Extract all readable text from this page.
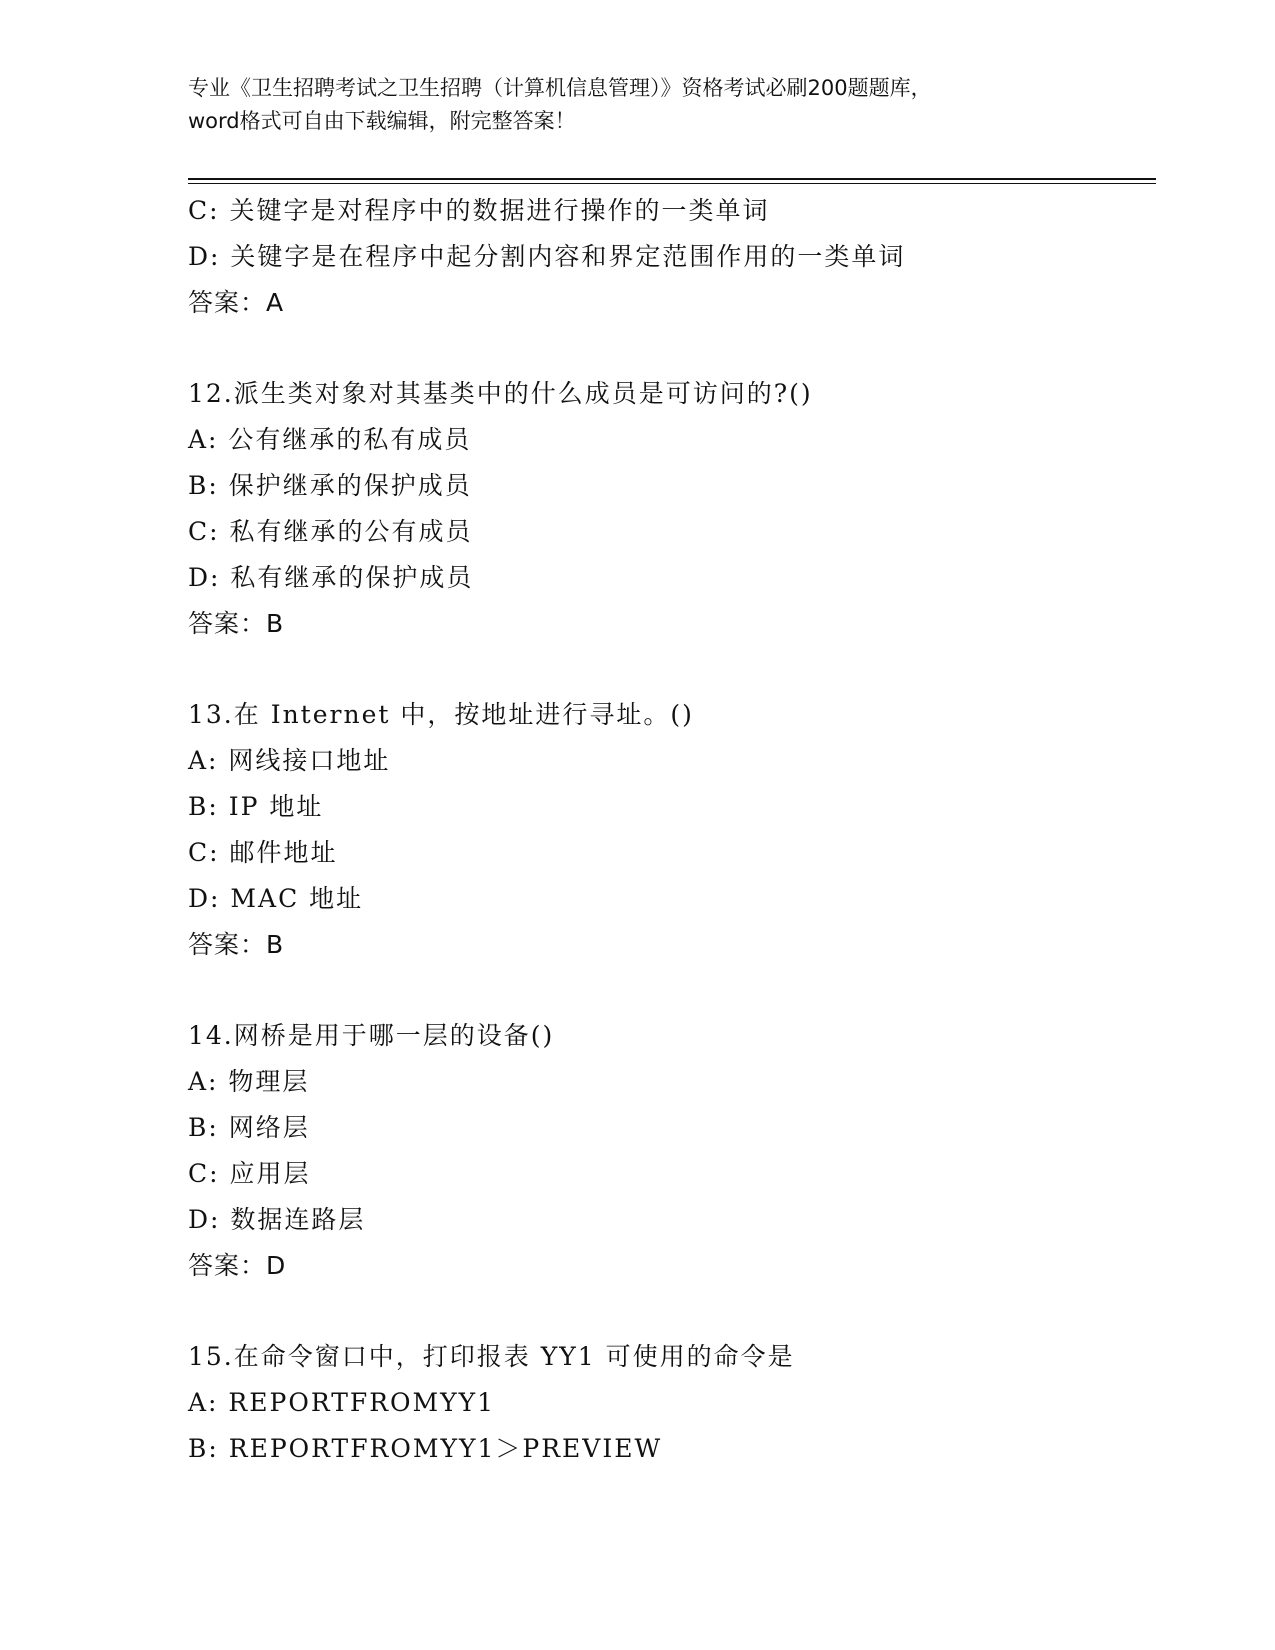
专业《卫生招聘考试之卫生招聘（计算机信息管理）》资格考试必刷200题题库，
word格式可自由下载编辑，附完整答案！
C: 关键字是对程序中的数据进行操作的一类单词
D: 关键字是在程序中起分割内容和界定范围作用的一类单词
答案：A
12.派生类对象对其基类中的什么成员是可访问的?()
A: 公有继承的私有成员
B: 保护继承的保护成员
C: 私有继承的公有成员
D: 私有继承的保护成员
答案：B
13.在 Internet 中，按地址进行寻址。()
A: 网线接口地址
B: IP 地址
C: 邮件地址
D: MAC 地址
答案：B
14.网桥是用于哪一层的设备()
A: 物理层
B: 网络层
C: 应用层
D: 数据连路层
答案：D
15.在命令窗口中，打印报表 YY1 可使用的命令是
A: REPORTFROMYY1
B: REPORTFROMYY1＞PREVIEW
